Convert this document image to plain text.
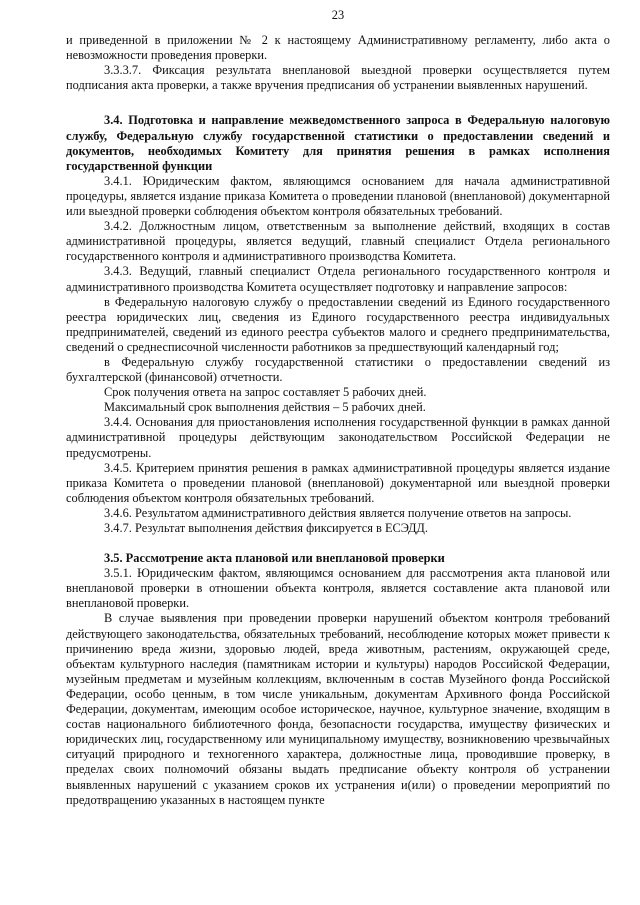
23

и приведенной в приложении № 2 к настоящему Административному регламенту, либо акта о невозможности проведения проверки.

3.3.3.7. Фиксация результата внеплановой выездной проверки осуществляется путем подписания акта проверки, а также вручения предписания об устранении выявленных нарушений.

3.4. Подготовка и направление межведомственного запроса в Федеральную налоговую службу, Федеральную службу государственной статистики о предоставлении сведений и документов, необходимых Комитету для принятия решения в рамках исполнения государственной функции

3.4.1. Юридическим фактом, являющимся основанием для начала административной процедуры, является издание приказа Комитета о проведении плановой (внеплановой) документарной или выездной проверки соблюдения объектом контроля обязательных требований.

3.4.2. Должностным лицом, ответственным за выполнение действий, входящих в состав административной процедуры, является ведущий, главный специалист Отдела регионального государственного контроля и административного производства Комитета.

3.4.3. Ведущий, главный специалист Отдела регионального государственного контроля и административного производства Комитета осуществляет подготовку и направление запросов:

в Федеральную налоговую службу о предоставлении сведений из Единого государственного реестра юридических лиц, сведения из Единого государственного реестра индивидуальных предпринимателей, сведений из единого реестра субъектов малого и среднего предпринимательства, сведений о среднесписочной численности работников за предшествующий календарный год;

в Федеральную службу государственной статистики о предоставлении сведений из бухгалтерской (финансовой) отчетности.

Срок получения ответа на запрос составляет 5 рабочих дней.

Максимальный срок выполнения действия – 5 рабочих дней.

3.4.4. Основания для приостановления исполнения государственной функции в рамках данной административной процедуры действующим законодательством Российской Федерации не предусмотрены.

3.4.5. Критерием принятия решения в рамках административной процедуры является издание приказа Комитета о проведении плановой (внеплановой) документарной или выездной проверки соблюдения объектом контроля обязательных требований.

3.4.6. Результатом административного действия является получение ответов на запросы.

3.4.7. Результат выполнения действия фиксируется в ЕСЭДД.

3.5. Рассмотрение акта плановой или внеплановой проверки

3.5.1. Юридическим фактом, являющимся основанием для рассмотрения акта плановой или внеплановой проверки в отношении объекта контроля, является составление акта плановой или внеплановой проверки.

В случае выявления при проведении проверки нарушений объектом контроля требований действующего законодательства, обязательных требований, несоблюдение которых может привести к причинению вреда жизни, здоровью людей, вреда животным, растениям, окружающей среде, объектам культурного наследия (памятникам истории и культуры) народов Российской Федерации, музейным предметам и музейным коллекциям, включенным в состав Музейного фонда Российской Федерации, особо ценным, в том числе уникальным, документам Архивного фонда Российской Федерации, документам, имеющим особое историческое, научное, культурное значение, входящим в состав национального библиотечного фонда, безопасности государства, имуществу физических и юридических лиц, государственному или муниципальному имуществу, возникновению чрезвычайных ситуаций природного и техногенного характера, должностные лица, проводившие проверку, в пределах своих полномочий обязаны выдать предписание объекту контроля об устранении выявленных нарушений с указанием сроков их устранения и(или) о проведении мероприятий по предотвращению указанных в настоящем пункте
